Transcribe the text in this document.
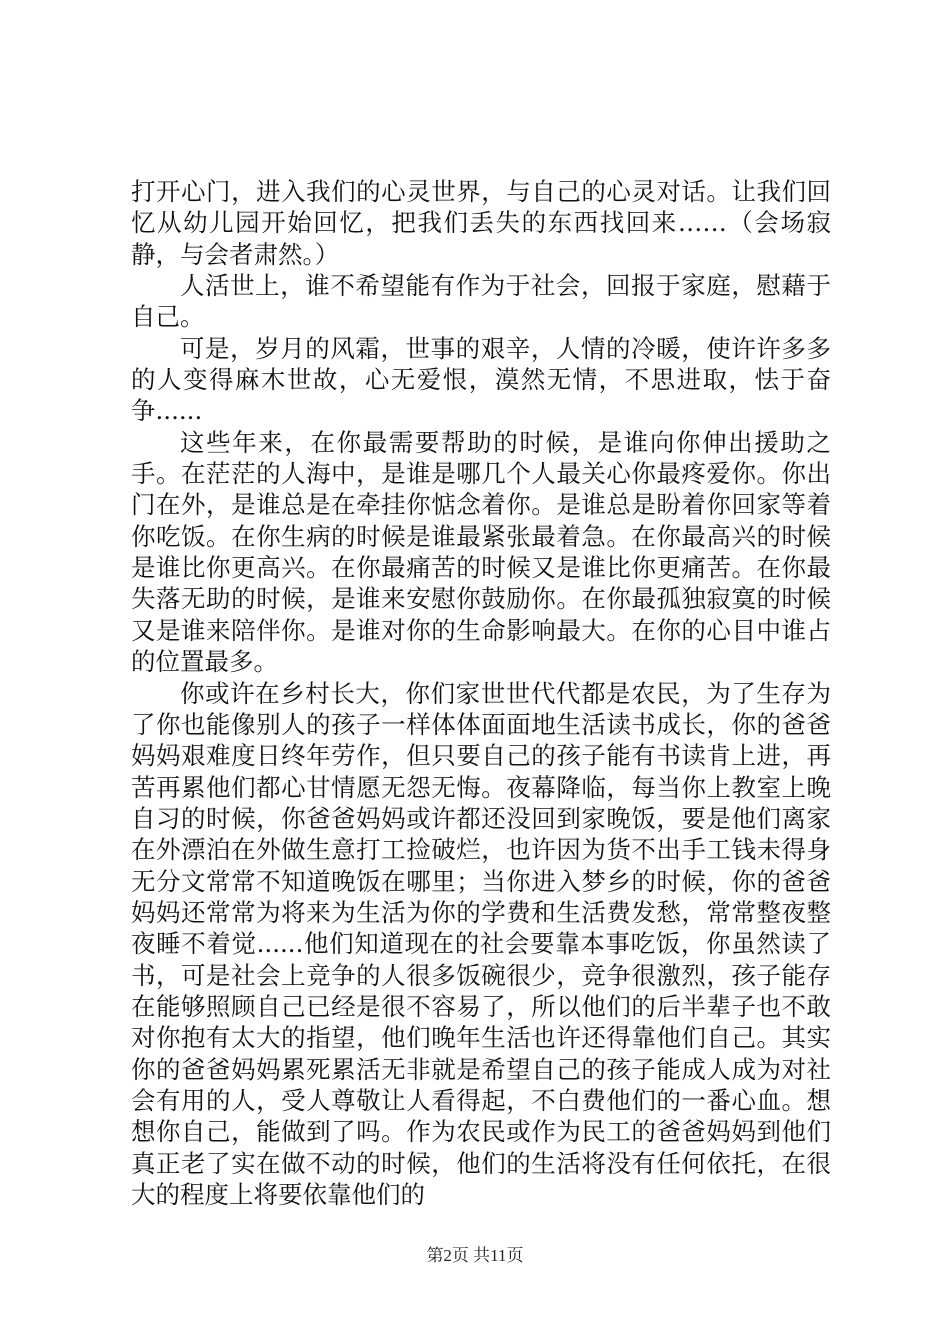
打开心门，进入我们的心灵世界，与自己的心灵对话。让我们回忆从幼儿园开始回忆，把我们丢失的东西找回来……（会场寂静，与会者肃然。）

人活世上，谁不希望能有作为于社会，回报于家庭，慰藉于自己。

可是，岁月的风霜，世事的艰辛，人情的冷暖，使许许多多的人变得麻木世故，心无爱恨，漠然无情，不思进取，怯于奋争......

这些年来，在你最需要帮助的时候，是谁向你伸出援助之手。在茫茫的人海中，是谁是哪几个人最关心你最疼爱你。你出门在外，是谁总是在牵挂你惦念着你。是谁总是盼着你回家等着你吃饭。在你生病的时候是谁最紧张最着急。在你最高兴的时候是谁比你更高兴。在你最痛苦的时候又是谁比你更痛苦。在你最失落无助的时候，是谁来安慰你鼓励你。在你最孤独寂寞的时候又是谁来陪伴你。是谁对你的生命影响最大。在你的心目中谁占的位置最多。

你或许在乡村长大，你们家世世代代都是农民，为了生存为了你也能像别人的孩子一样体体面面地生活读书成长，你的爸爸妈妈艰难度日终年劳作，但只要自己的孩子能有书读肯上进，再苦再累他们都心甘情愿无怨无悔。夜幕降临，每当你上教室上晚自习的时候，你爸爸妈妈或许都还没回到家晚饭，要是他们离家在外漂泊在外做生意打工捡破烂，也许因为货不出手工钱未得身无分文常常不知道晚饭在哪里；当你进入梦乡的时候，你的爸爸妈妈还常常为将来为生活为你的学费和生活费发愁，常常整夜整夜睡不着觉......他们知道现在的社会要靠本事吃饭，你虽然读了书，可是社会上竞争的人很多饭碗很少，竞争很激烈，孩子能存在能够照顾自己已经是很不容易了，所以他们的后半辈子也不敢对你抱有太大的指望，他们晚年生活也许还得靠他们自己。其实你的爸爸妈妈累死累活无非就是希望自己的孩子能成人成为对社会有用的人，受人尊敬让人看得起，不白费他们的一番心血。想想你自己，能做到了吗。作为农民或作为民工的爸爸妈妈到他们真正老了实在做不动的时候，他们的生活将没有任何依托，在很大的程度上将要依靠他们的

第2页 共11页
